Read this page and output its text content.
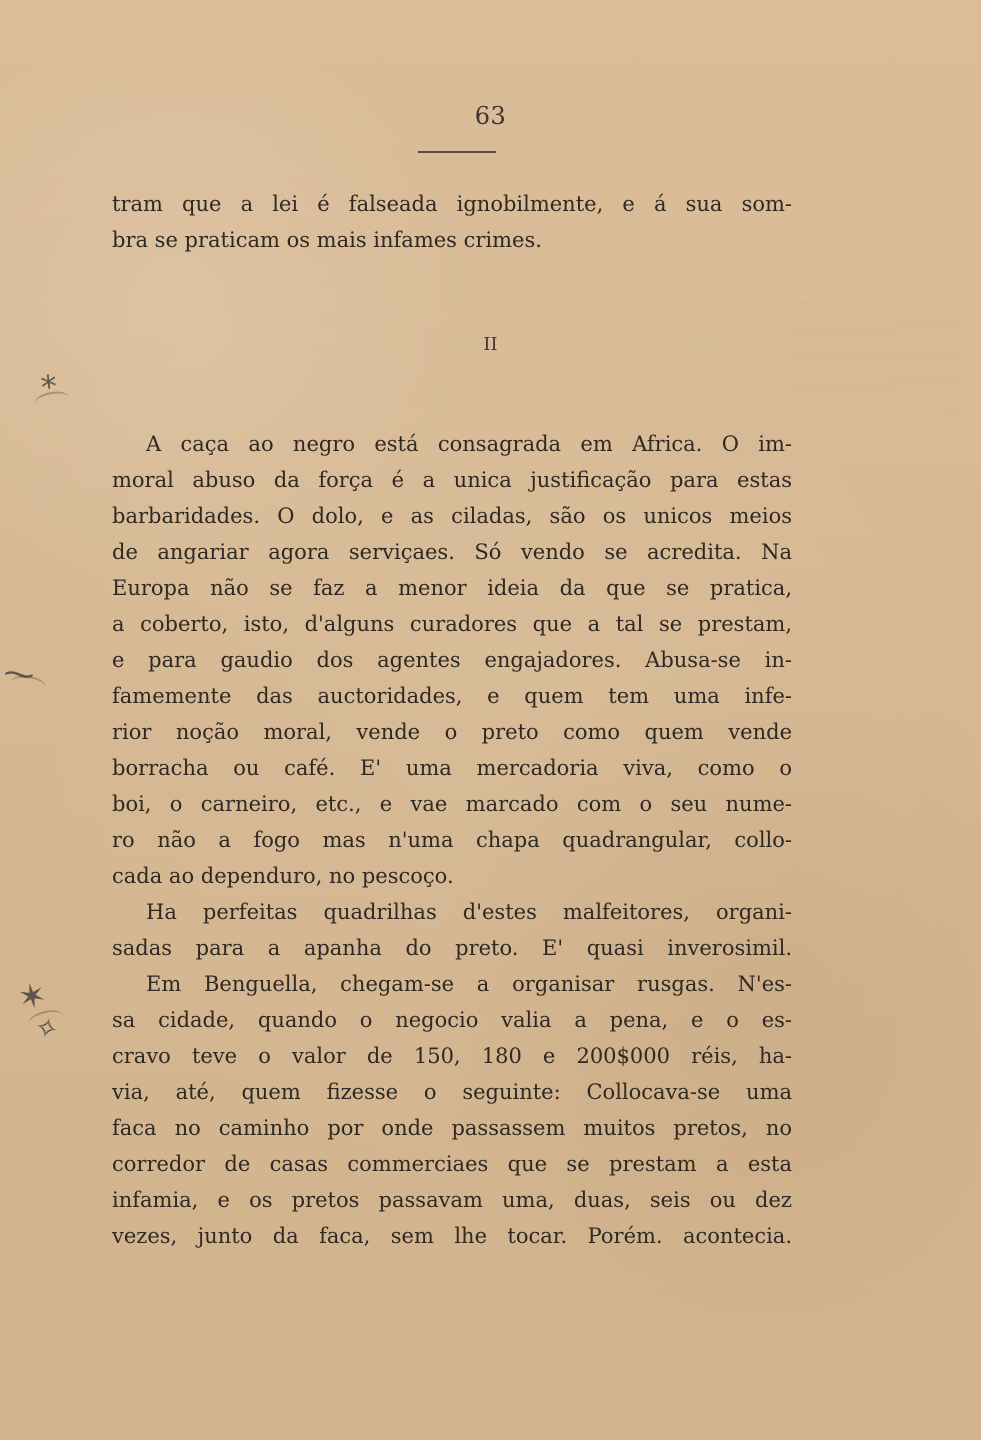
63
tram que a lei é falseada ignobilmente, e á sua som-
bra se praticam os mais infames crimes.
II
A caça ao negro está consagrada em Africa. O im-
moral abuso da força é a unica justificação para estas
barbaridades. O dolo, e as ciladas, são os unicos meios
de angariar agora serviçaes. Só vendo se acredita. Na
Europa não se faz a menor ideia da que se pratica,
a coberto, isto, d'alguns curadores que a tal se prestam,
e para gaudio dos agentes engajadores. Abusa-se in-
famemente das auctoridades, e quem tem uma infe-
rior noção moral, vende o preto como quem vende
borracha ou café. E' uma mercadoria viva, como o
boi, o carneiro, etc., e vae marcado com o seu nume-
ro não a fogo mas n'uma chapa quadrangular, collo-
cada ao dependuro, no pescoço.
Ha perfeitas quadrilhas d'estes malfeitores, organi-
sadas para a apanha do preto. E' quasi inverosimil.
Em Benguella, chegam-se a organisar rusgas. N'es-
sa cidade, quando o negocio valia a pena, e o es-
cravo teve o valor de 150, 180 e 200$000 réis, ha-
via, até, quem fizesse o seguinte: Collocava-se uma
faca no caminho por onde passassem muitos pretos, no
corredor de casas commerciaes que se prestam a esta
infamia, e os pretos passavam uma, duas, seis ou dez
vezes, junto da faca, sem lhe tocar. Porém. acontecia.
⁎
⁓
✶
✧
